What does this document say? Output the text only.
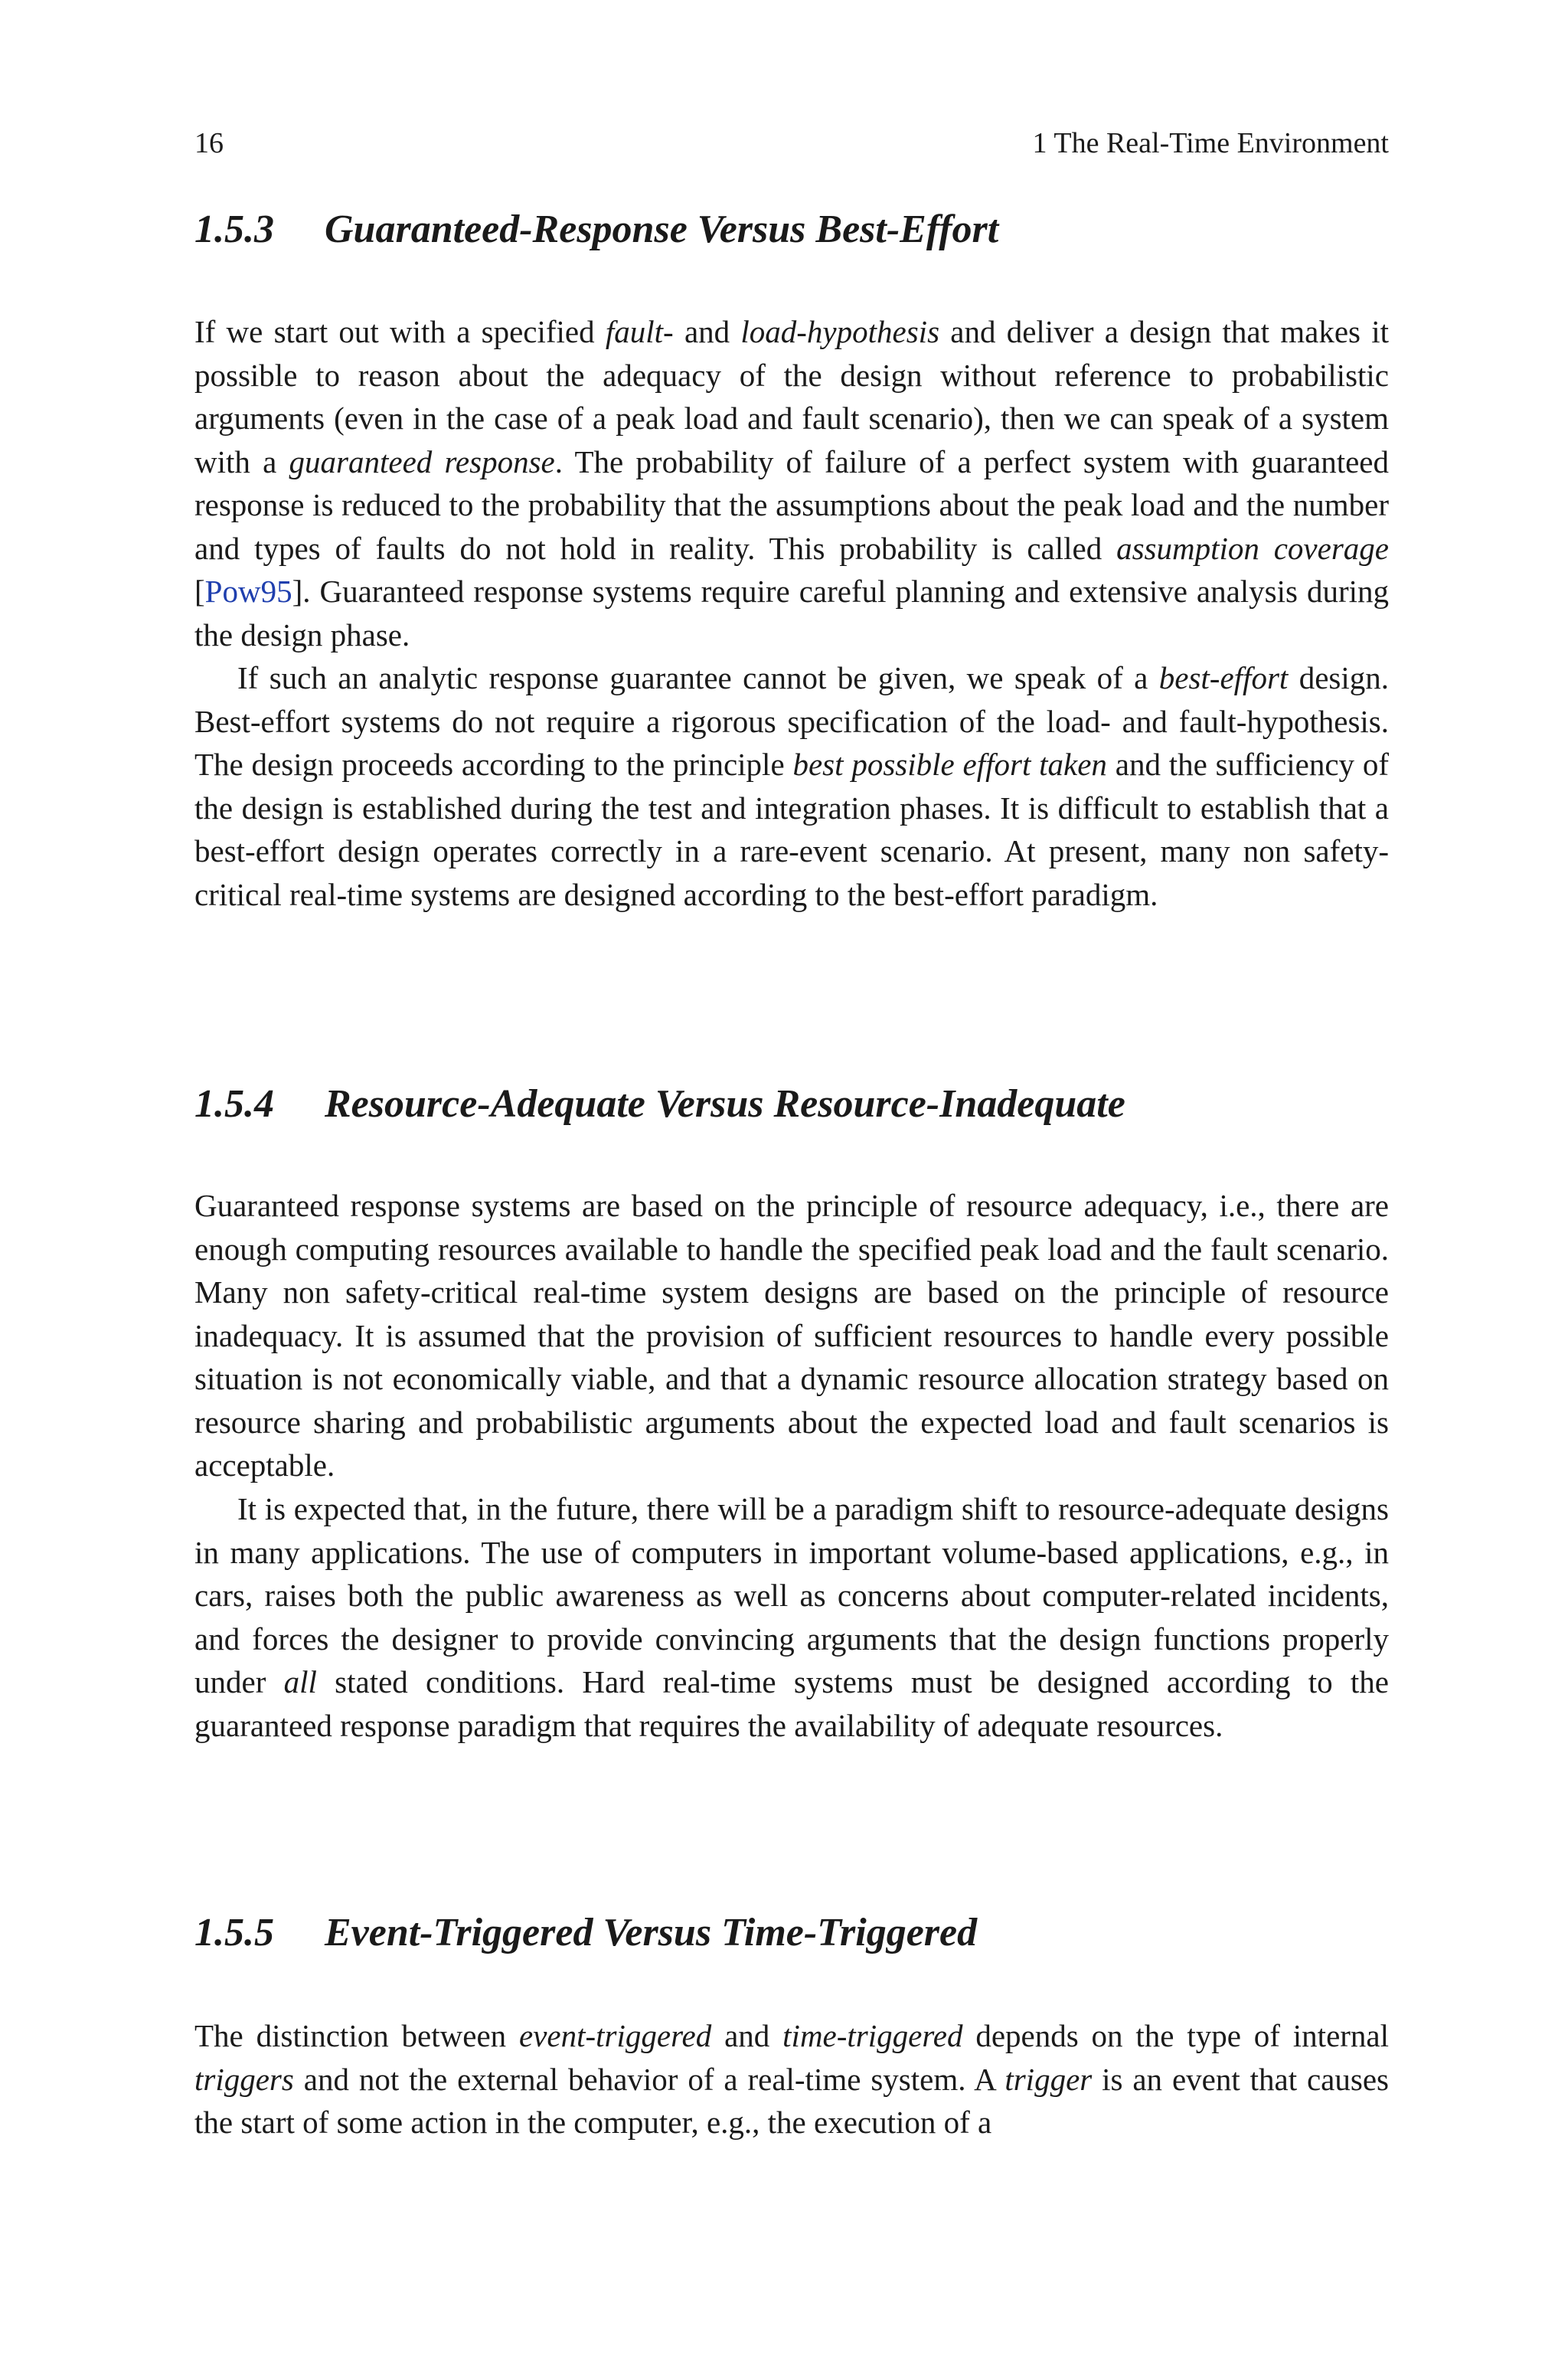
16	1 The Real-Time Environment
1.5.3 Guaranteed-Response Versus Best-Effort

If we start out with a specified fault- and load-hypothesis and deliver a design that makes it possible to reason about the adequacy of the design without reference to probabilistic arguments (even in the case of a peak load and fault scenario), then we can speak of a system with a guaranteed response. The probability of failure of a perfect system with guaranteed response is reduced to the probability that the assumptions about the peak load and the number and types of faults do not hold in reality. This probability is called assumption coverage [Pow95]. Guaranteed response systems require careful planning and extensive analysis during the design phase.

If such an analytic response guarantee cannot be given, we speak of a best-effort design. Best-effort systems do not require a rigorous specification of the load- and fault-hypothesis. The design proceeds according to the principle best possible effort taken and the sufficiency of the design is established during the test and integration phases. It is difficult to establish that a best-effort design operates correctly in a rare-event scenario. At present, many non safety-critical real-time systems are designed according to the best-effort paradigm.

1.5.4 Resource-Adequate Versus Resource-Inadequate

Guaranteed response systems are based on the principle of resource adequacy, i.e., there are enough computing resources available to handle the specified peak load and the fault scenario. Many non safety-critical real-time system designs are based on the principle of resource inadequacy. It is assumed that the provision of sufficient resources to handle every possible situation is not economically viable, and that a dynamic resource allocation strategy based on resource sharing and probabilistic arguments about the expected load and fault scenarios is acceptable.

It is expected that, in the future, there will be a paradigm shift to resource-adequate designs in many applications. The use of computers in important volume-based applications, e.g., in cars, raises both the public awareness as well as concerns about computer-related incidents, and forces the designer to provide convincing arguments that the design functions properly under all stated conditions. Hard real-time systems must be designed according to the guaranteed response paradigm that requires the availability of adequate resources.

1.5.5 Event-Triggered Versus Time-Triggered

The distinction between event-triggered and time-triggered depends on the type of internal triggers and not the external behavior of a real-time system. A trigger is an event that causes the start of some action in the computer, e.g., the execution of a
